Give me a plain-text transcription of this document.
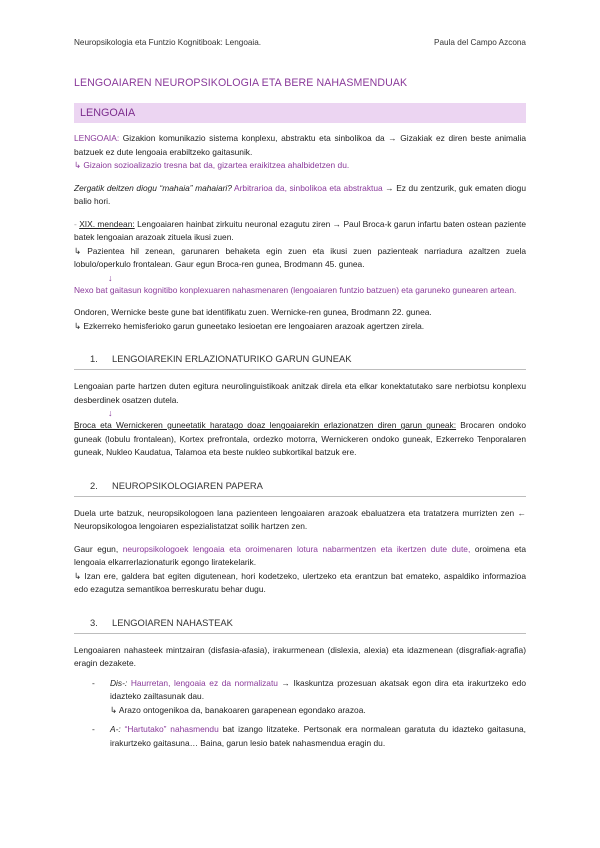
Neuropsikologia eta Funtzio Kognitiboak: Lengoaia.	Paula del Campo Azcona
LENGOAIAREN NEUROPSIKOLOGIA ETA BERE NAHASMENDUAK
LENGOAIA

LENGOAIA: Gizakion komunikazio sistema konplexu, abstraktu eta sinbolikoa da → Gizakiak ez diren beste animalia batzuek ez dute lengoaia erabiltzeko gaitasunik.

↳ Gizaion sozioalizazio tresna bat da, gizartea eraikitzea ahalbidetzen du.

Zergatik deitzen diogu “mahaia” mahaiari? Arbitrarioa da, sinbolikoa eta abstraktua → Ez du zentzurik, guk ematen diogu balio hori.

- XIX. mendean: Lengoaiaren hainbat zirkuitu neuronal ezagutu ziren → Paul Broca-k garun infartu baten ostean paziente batek lengoaian arazoak zituela ikusi zuen.

↳ Pazientea hil zenean, garunaren behaketa egin zuen eta ikusi zuen pazienteak narriadura azaltzen zuela lobulo/operkulo frontalean. Gaur egun Broca-ren gunea, Brodmann 45. gunea.

↓

Nexo bat gaitasun kognitibo konplexuaren nahasmenaren (lengoaiaren funtzio batzuen) eta garuneko gunearen artean.

Ondoren, Wernicke beste gune bat identifikatu zuen. Wernicke-ren gunea, Brodmann 22. gunea.

↳ Ezkerreko hemisferioko garun guneetako lesioetan ere lengoaiaren arazoak agertzen zirela.

1.	LENGOIAREKIN ERLAZIONATURIKO GARUN GUNEAK

Lengoaian parte hartzen duten egitura neurolinguistikoak anitzak direla eta elkar konektatutako sare nerbiotsu konplexu desberdinek osatzen dutela.

↓

Broca eta Wernickeren guneetatik haratago doaz lengoaiarekin erlazionatzen diren garun guneak: Brocaren ondoko guneak (lobulu frontalean), Kortex prefrontala, ordezko motorra, Wernickeren ondoko guneak, Ezkerreko Tenporalaren guneak, Nukleo Kaudatua, Talamoa eta beste nukleo subkortikal batzuk ere.

2.	NEUROPSIKOLOGIAREN PAPERA

Duela urte batzuk, neuropsikologoen lana pazienteen lengoaiaren arazoak ebaluatzera eta tratatzera murrizten zen ← Neuropsikologoa lengoiaren espezialistatzat soilik hartzen zen.

Gaur egun, neuropsikologoek lengoaia eta oroimenaren lotura nabarmentzen eta ikertzen dute dute, oroimena eta lengoaia elkarrerlazionaturik egongo liratekelarik.

↳ Izan ere, galdera bat egiten digutenean, hori kodetzeko, ulertzeko eta erantzun bat emateko, aspaldiko informazioa edo ezagutza semantikoa berreskuratu behar dugu.

3.	LENGOIAREN NAHASTEAK

Lengoaiaren nahasteek mintzairan (disfasia-afasia), irakurmenean (dislexia, alexia) eta idazmenean (disgrafiak-agrafia) eragin dezakete.

-	Dis-: Haurretan, lengoaia ez da normalizatu → Ikaskuntza prozesuan akatsak egon dira eta irakurtzeko edo idazteko zailtasunak dau.
↳ Arazo ontogenikoa da, banakoaren garapenean egondako arazoa.
-	A-: “Hartutako” nahasmendu bat izango litzateke. Pertsonak era normalean garatuta du idazteko gaitasuna, irakurtzeko gaitasuna… Baina, garun lesio batek nahasmendua eragin du.
